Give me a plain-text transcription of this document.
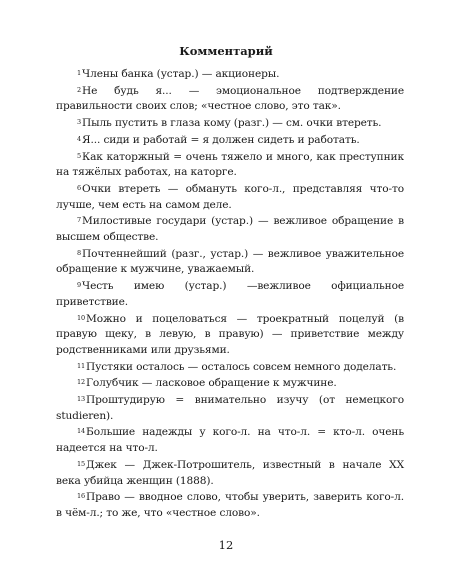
Комментарий

$^1$Члены банка (устар.) — акционеры.

$^2$Не будь я... — эмоциональное подтверждение правильности своих слов; «честное слово, это так».

$^3$Пыль пустить в глаза кому (разг.) — см. очки втереть.

$^4$Я... сиди и работай = я должен сидеть и работать.

$^5$Как каторжный = очень тяжело и много, как преступник на тяжёлых работах, на каторге.

$^6$Очки втереть — обмануть кого-л., представляя что-то лучше, чем есть на самом деле.

$^7$Милостивые государи (устар.) — вежливое обращение в высшем обществе.

$^8$Почтеннейший (разг., устар.) — вежливое уважительное обращение к мужчине, уважаемый.

$^9$Честь имею (устар.) —вежливое официальное приветствие.

$^{10}$Можно и поцеловаться — троекратный поцелуй (в правую щеку, в левую, в правую) — приветствие между родственниками или друзьями.

$^{11}$Пустяки осталось — осталось совсем немного доделать.

$^{12}$Голубчик — ласковое обращение к мужчине.

$^{13}$Проштудирую = внимательно изучу (от немецкого studieren).

$^{14}$Большие надежды у кого-л. на что-л. = кто-л. очень надеется на что-л.

$^{15}$Джек — Джек-Потрошитель, известный в начале XX века убийца женщин (1888).

$^{16}$Право — вводное слово, чтобы уверить, заверить кого-л. в чём-л.; то же, что «честное слово».

12
